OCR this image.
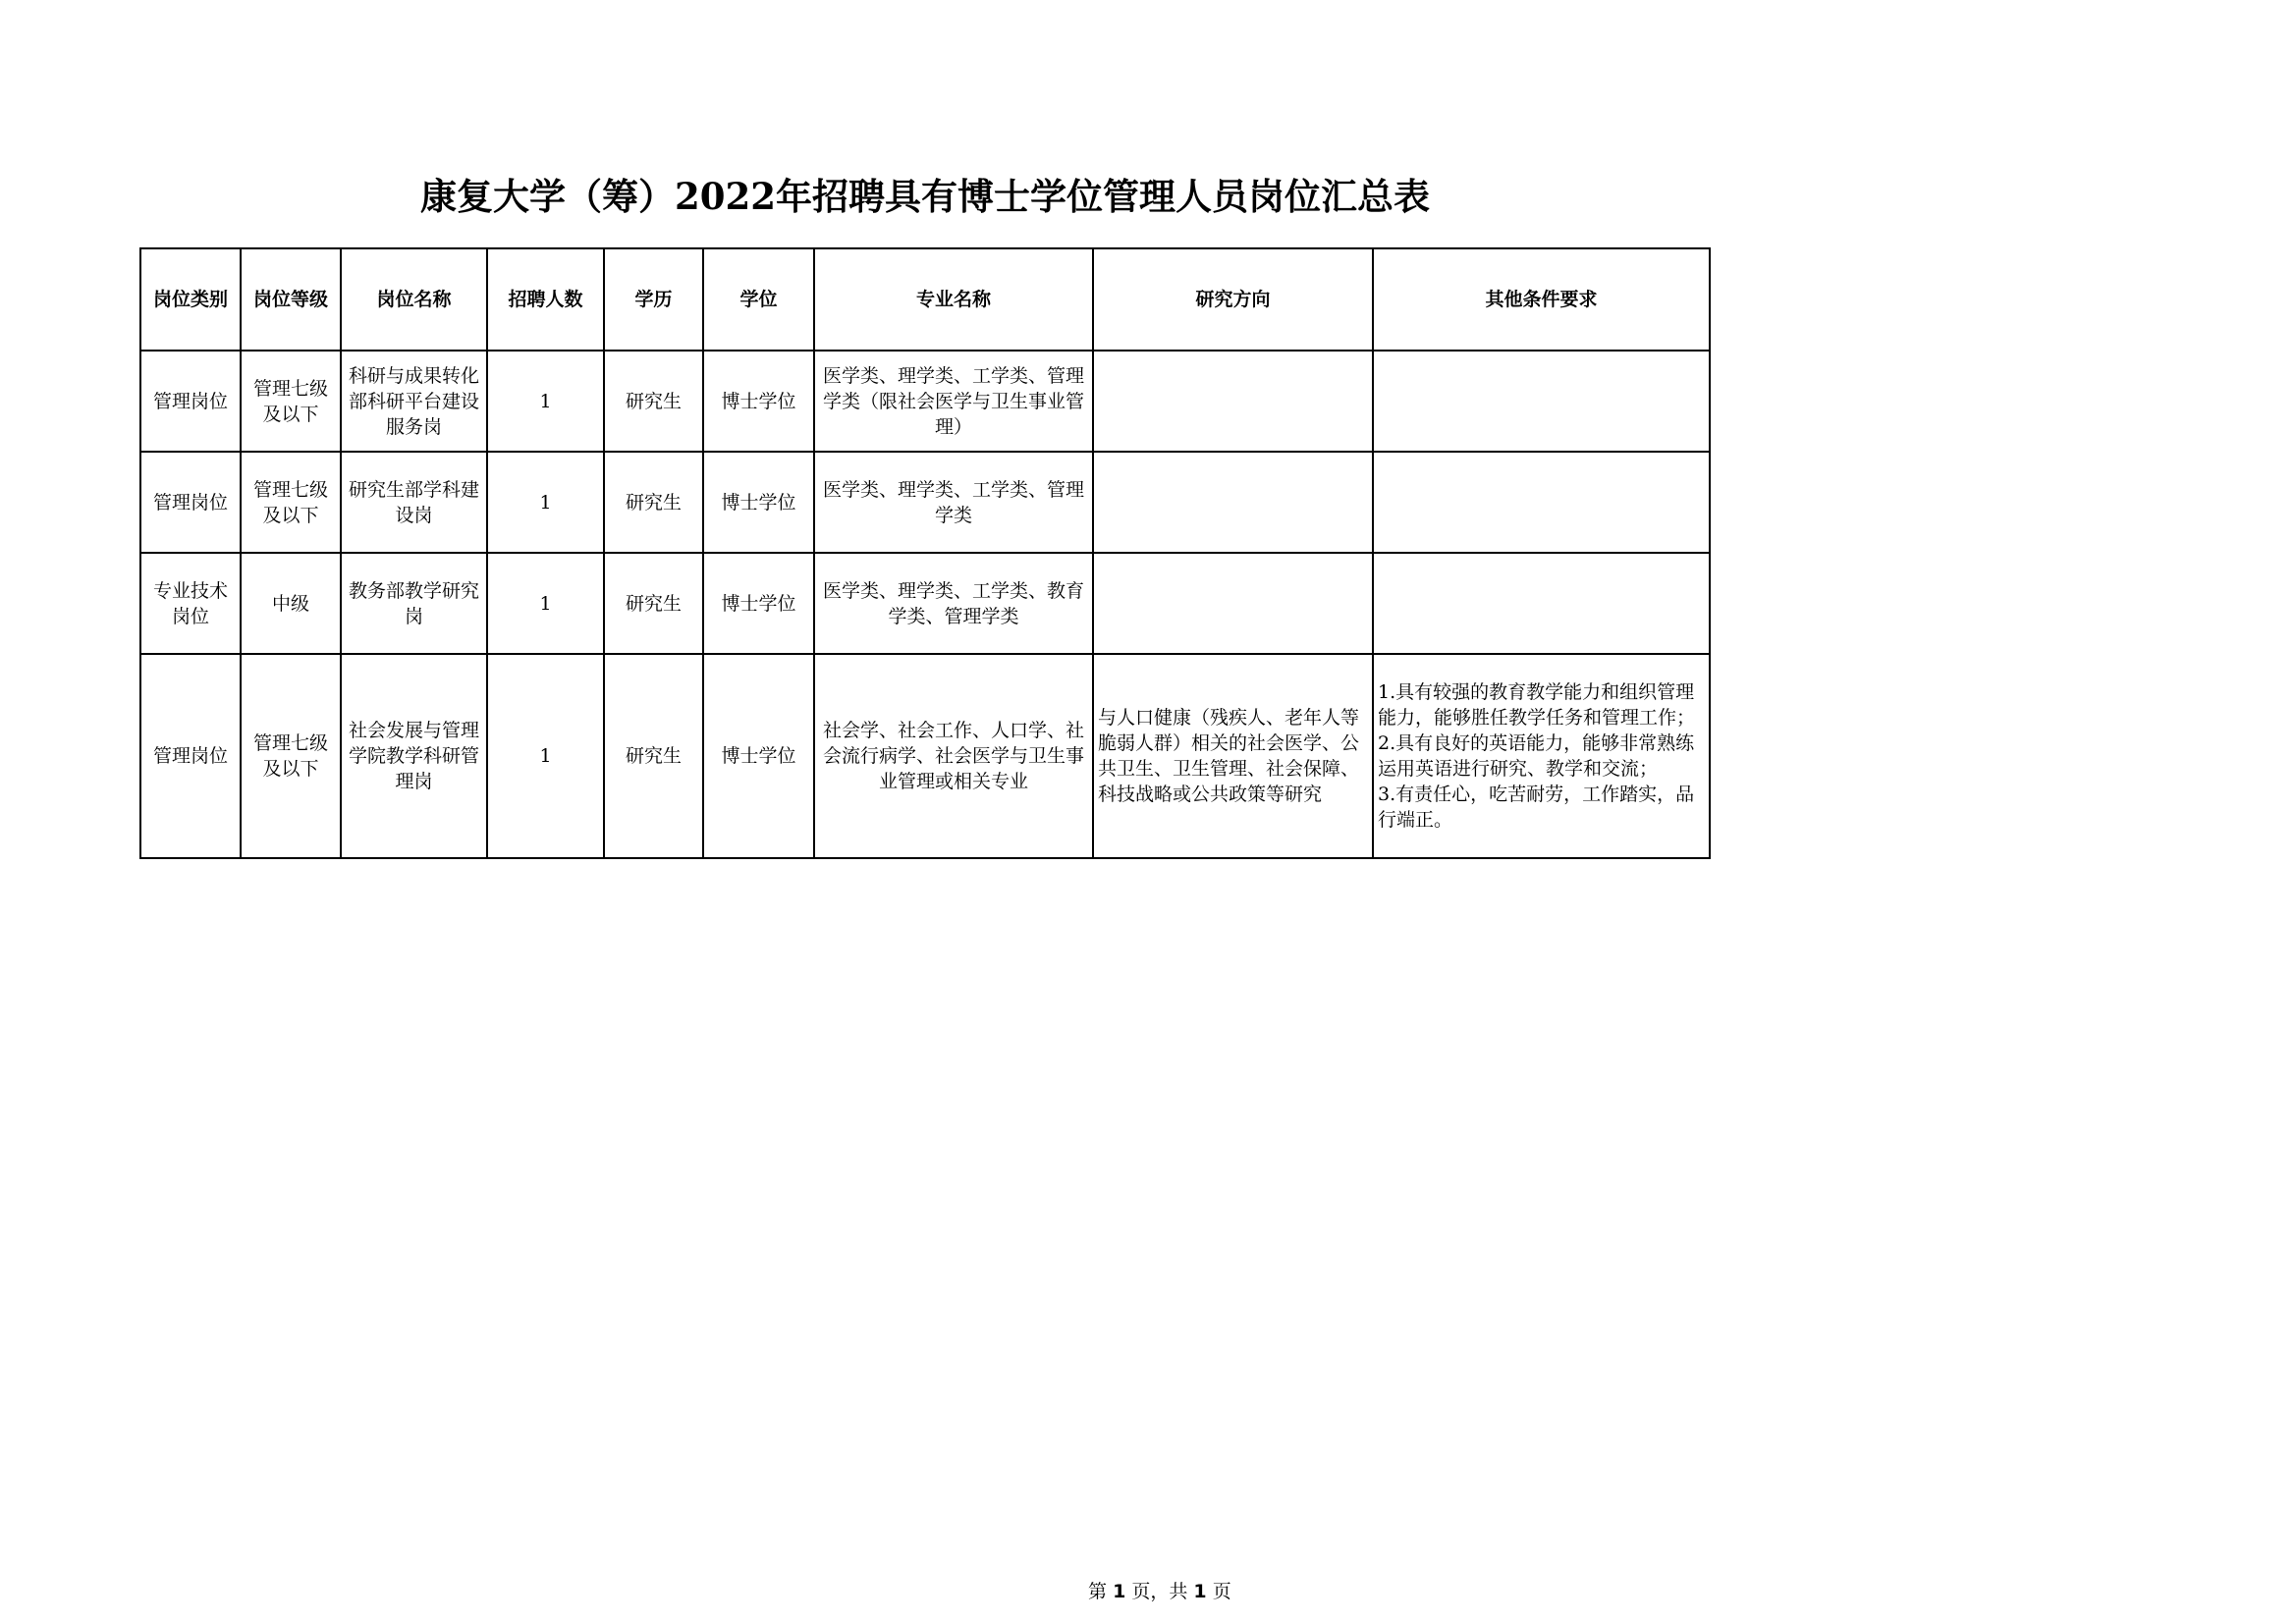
康复大学（筹）2022年招聘具有博士学位管理人员岗位汇总表
岗位类别	岗位等级	岗位名称	招聘人数	学历	学位	专业名称	研究方向	其他条件要求
管理岗位	管理七级及以下	科研与成果转化部科研平台建设服务岗	1	研究生	博士学位	医学类、理学类、工学类、管理学类（限社会医学与卫生事业管理）		
管理岗位	管理七级及以下	研究生部学科建设岗	1	研究生	博士学位	医学类、理学类、工学类、管理学类		
专业技术岗位	中级	教务部教学研究岗	1	研究生	博士学位	医学类、理学类、工学类、教育学类、管理学类		
管理岗位	管理七级及以下	社会发展与管理学院教学科研管理岗	1	研究生	博士学位	社会学、社会工作、人口学、社会流行病学、社会医学与卫生事业管理或相关专业	与人口健康（残疾人、老年人等脆弱人群）相关的社会医学、公共卫生、卫生管理、社会保障、科技战略或公共政策等研究	1.具有较强的教育教学能力和组织管理能力，能够胜任教学任务和管理工作；
2.具有良好的英语能力，能够非常熟练运用英语进行研究、教学和交流；
3.有责任心，吃苦耐劳，工作踏实，品行端正。
第 1 页，共 1 页
